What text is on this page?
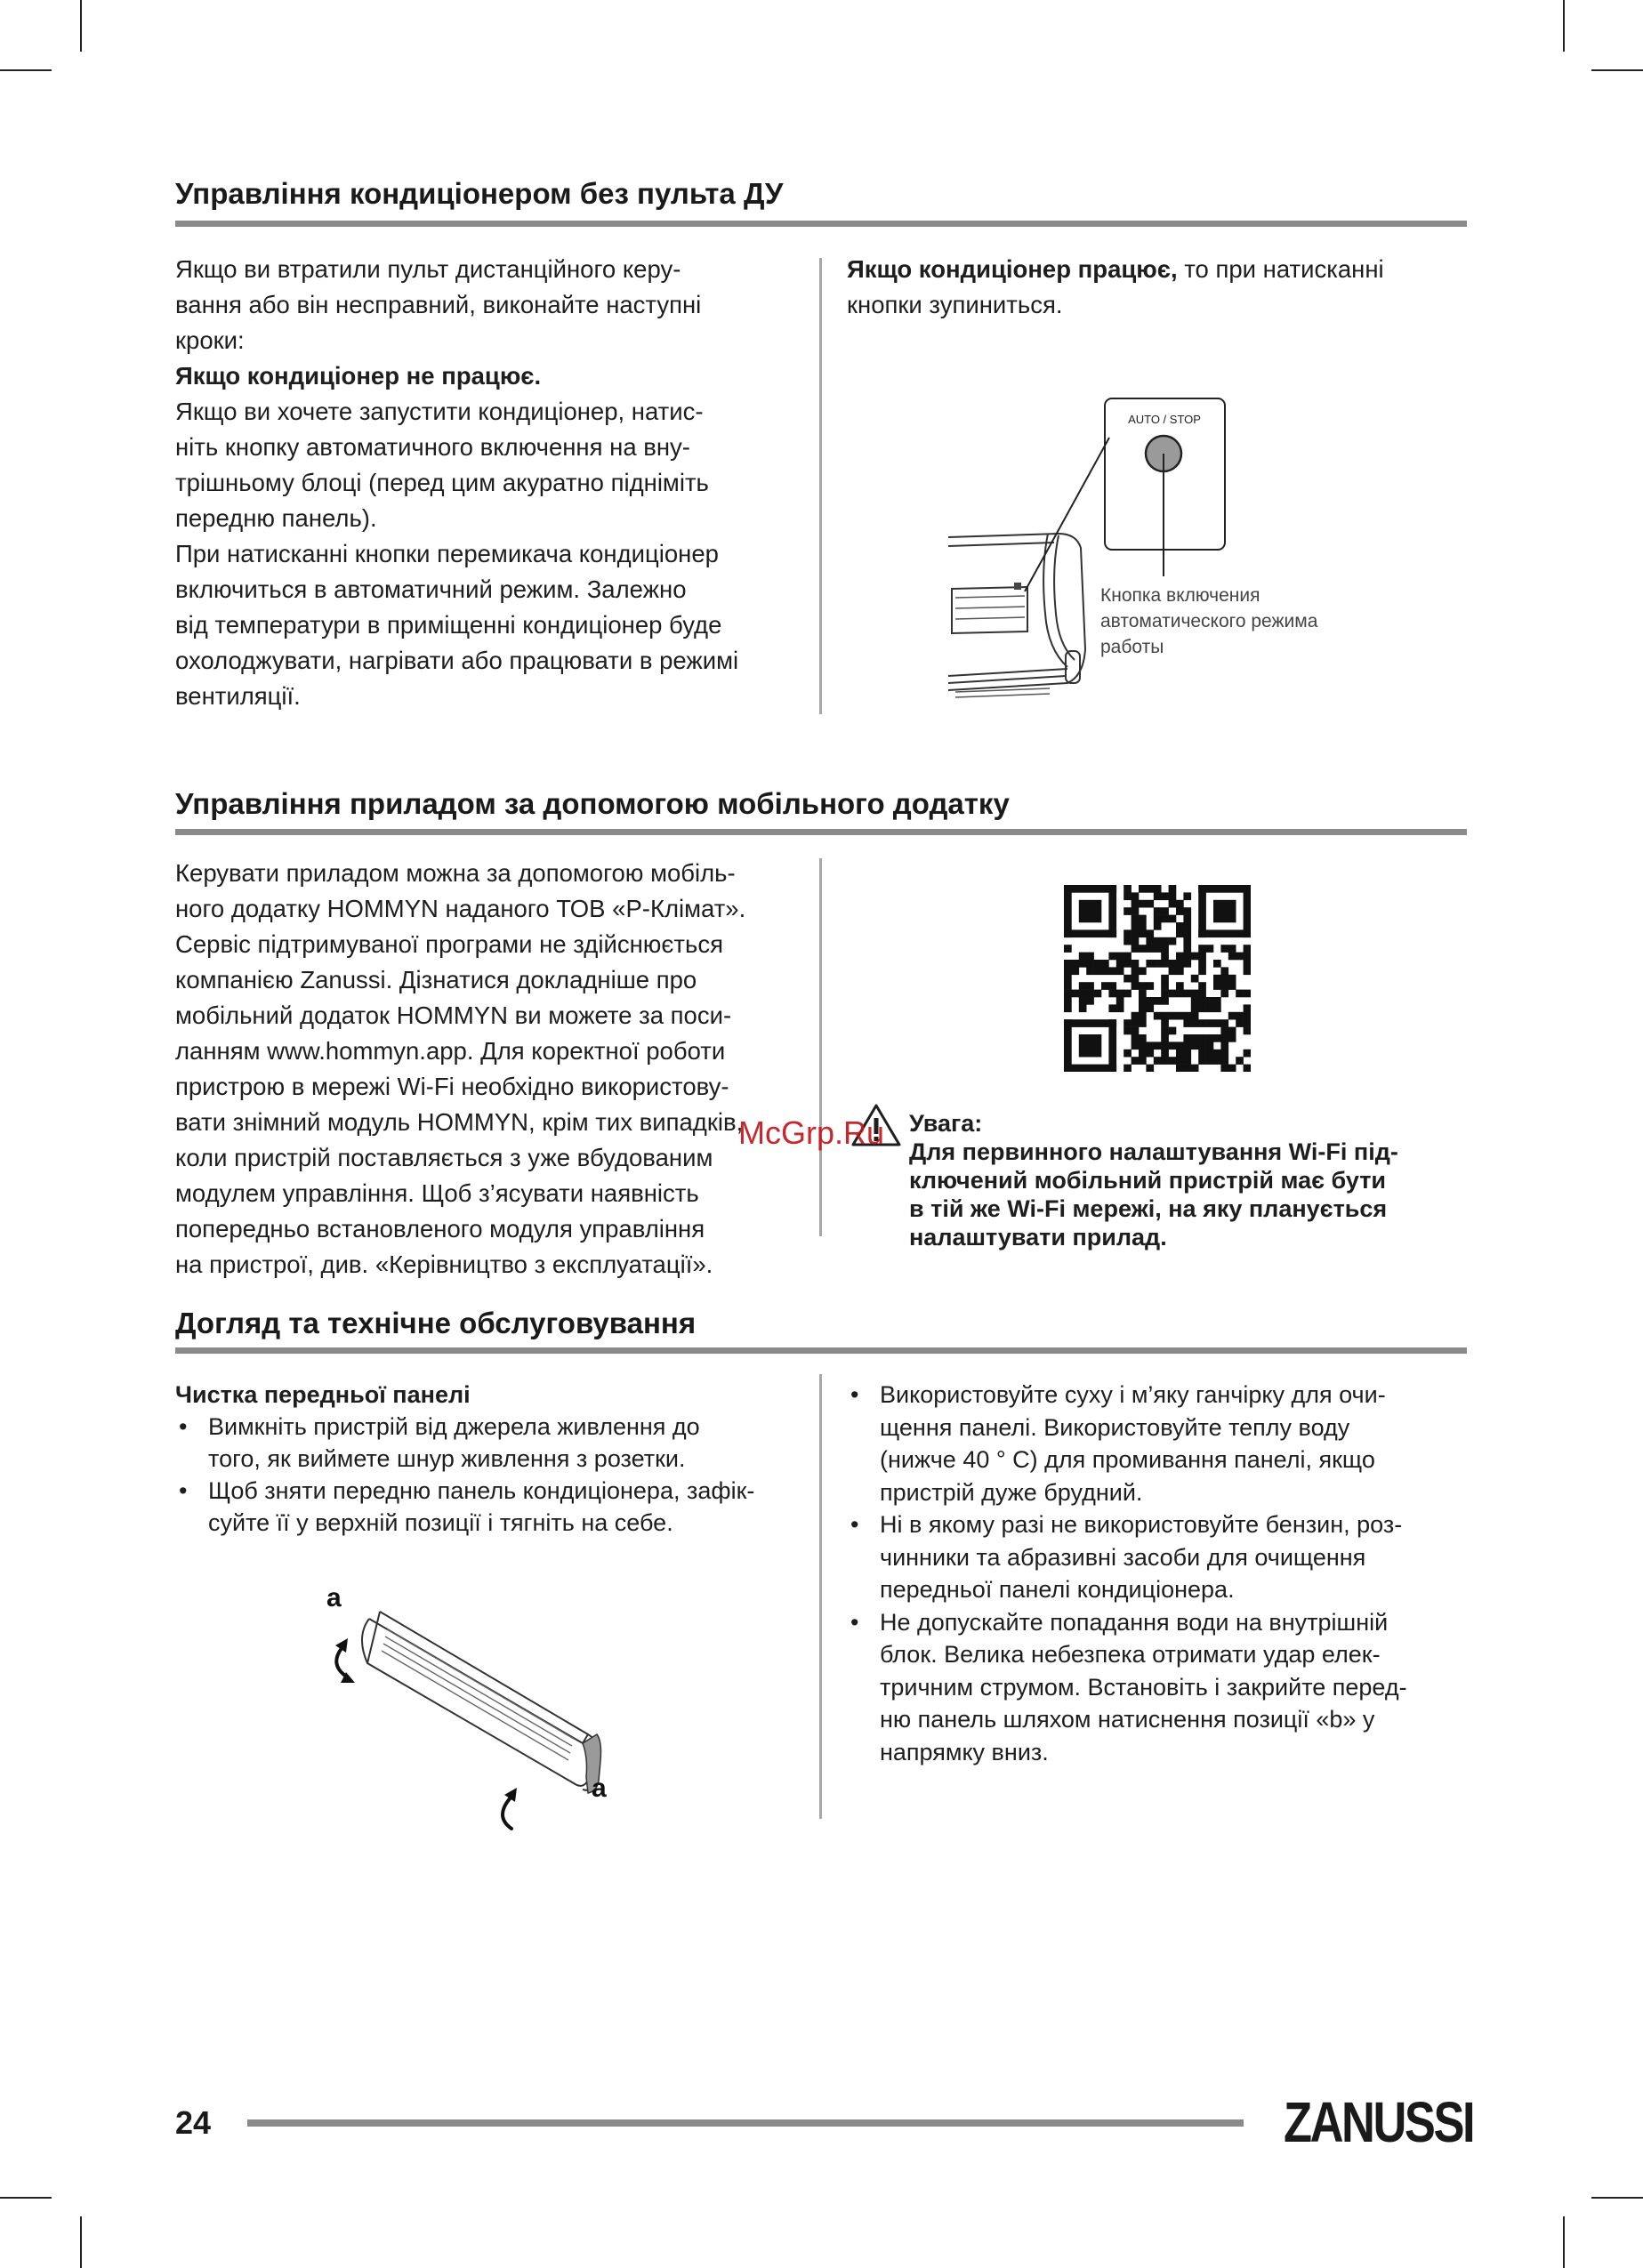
Управління кондиціонером без пульта ДУ

Якщо ви втратили пульт дистанційного керу-

вання або він несправний, виконайте наступні

кроки:

Якщо кондиціонер не працює.

Якщо ви хочете запустити кондиціонер, натис-

ніть кнопку автоматичного включення на вну-

трішньому блоці (перед цим акуратно підніміть

передню панель).

При натисканні кнопки перемикача кондиціонер

включиться в автоматичний режим. Залежно

від температури в приміщенні кондиціонер буде

охолоджувати, нагрівати або працювати в режимі

вентиляції.

Якщо кондиціонер працює, то при натисканні

кнопки зупиниться.

AUTO / STOP
Кнопка включения
автоматического режима
работы
Управління приладом за допомогою мобільного додатку

Керувати приладом можна за допомогою мобіль-

ного додатку HOMMYN наданого ТОВ «Р-Клімат».

Сервіс підтримуваної програми не здійснюється

компанією Zanussi. Дізнатися докладніше про

мобільний додаток HOMMYN ви можете за поси-

ланням www.hommyn.app. Для коректної роботи

пристрою в мережі Wi-Fi необхідно використову-

вати знімний модуль HOMMYN, крім тих випадків,

коли пристрій поставляється з уже вбудованим

модулем управління. Щоб з’ясувати наявність

попередньо встановленого модуля управління

на пристрої, див. «Керівництво з експлуатації».

Увага:
Для первинного налаштування Wi-Fi під-
ключений мобільний пристрій має бути
в тій же Wi-Fi мережі, на яку планується
налаштувати прилад.
McGrp.Ru
Догляд та технічне обслуговування

Чистка передньої панелі

• Вимкніть пристрій від джерела живлення до
того, як виймете шнур живлення з розетки.
• Щоб зняти передню панель кондиціонера, зафік-
суйте її у верхній позиції і тягніть на себе.
a
a
• Використовуйте суху і м’яку ганчірку для очи-
щення панелі. Використовуйте теплу воду
(нижче 40 ° C) для промивання панелі, якщо
пристрій дуже брудний.
• Ні в якому разі не використовуйте бензин, роз-
чинники та абразивні засоби для очищення
передньої панелі кондиціонера.
• Не допускайте попадання води на внутрішній
блок. Велика небезпека отримати удар елек-
тричним струмом. Встановіть і закрийте перед-
ню панель шляхом натиснення позиції «b» у
напрямку вниз.
24	ZANUSSI
